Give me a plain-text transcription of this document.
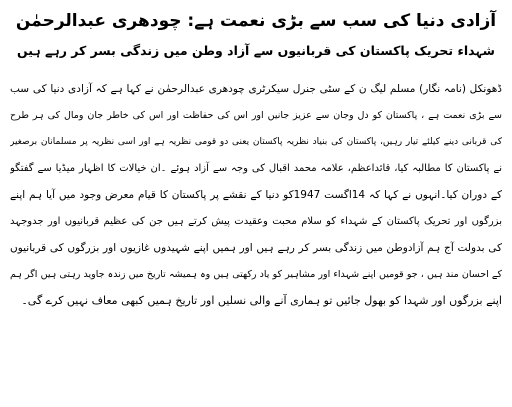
آزادی دنیا کی سب سے بڑی نعمت ہے: چودھری عبدالرحمٰن
شہداء تحریک پاکستان کی قربانیوں سے آزاد وطن میں زندگی بسر کر رہے ہیں

ڈھونکل (نامہ نگار) مسلم لیگ ن کے سٹی جنرل سیکرٹری چودھری عبدالرحمٰن نے کہا ہے کہ آزادی دنیا کی سب

سے بڑی نعمت ہے ، پاکستان کو دل وجان سے عزیز جانیں اور اس کی حفاظت اور اس کی خاطر جان ومال کی ہر طرح

کی قربانی دینے کیلئے تیار رہیں، پاکستان کی بنیاد نظریہ پاکستان یعنی دو قومی نظریہ ہے اور اسی نظریہ پر مسلمانان برصغیر

نے پاکستان کا مطالبہ کیا، قائداعظم، علامہ محمد اقبال کی وجہ سے آزاد ہوئے ۔ان خیالات کا اظہار میڈیا سے گفتگو

کے دوران کیا۔انہوں نے کہا کہ 14اگست 1947کو دنیا کے نقشے پر پاکستان کا قیام معرض وجود میں آیا ہم اپنے

بزرگوں اور تحریک پاکستان کے شہداء کو سلام محبت وعقیدت پیش کرتے ہیں جن کی عظیم قربانیوں اور جدوجہد

کی بدولت آج ہم آزادوطن میں زندگی بسر کر رہے ہیں اور ہمیں اپنے شہیدوں غازیوں اور بزرگوں کی قربانیوں

کے احسان مند ہیں ، جو قومیں اپنے شہداء اور مشاہیر کو یاد رکھتی ہیں وہ ہمیشہ تاریخ میں زندہ جاوید رہتی ہیں اگر ہم

اپنے بزرگوں اور شہدا کو بھول جائیں تو ہماری آنے والی نسلیں اور تاریخ ہمیں کبھی معاف نہیں کرے گی۔
